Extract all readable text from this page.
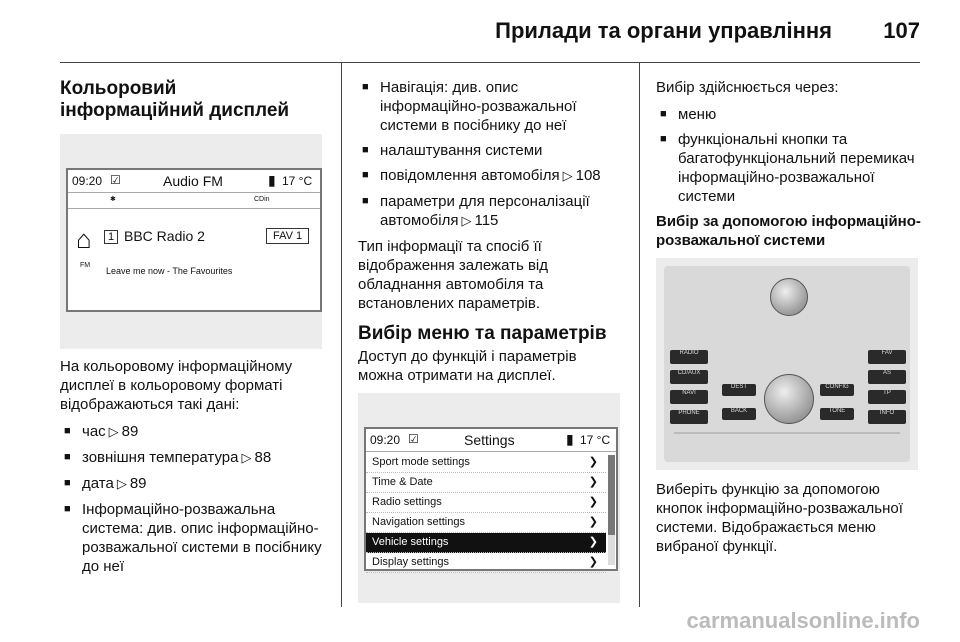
Прилади та органи управління 107
Кольоровий інформаційний дисплей
09:20 ☑	Audio FM	▮ 17 °C
✱	CDin
⌂	1 BBC Radio 2	FAV 1
FM
Leave me now - The Favourites

На кольоровому інформаційному дисплеї в кольоровому форматі відображаються такі дані:

■ час ▷ 89
■ зовнішня температура ▷ 88
■ дата ▷ 89
■ Інформаційно-розважальна система: див. опис інформаційно-розважальної системи в посібнику до неї
■ Навігація: див. опис інформаційно-розважальної системи в посібнику до неї
■ налаштування системи
■ повідомлення автомобіля ▷ 108
■ параметри для персоналізації автомобіля ▷ 115

Тип інформації та спосіб її відображення залежать від обладнання автомобіля та встановлених параметрів.

Вибір меню та параметрів

Доступ до функцій і параметрів можна отримати на дисплеї.

09:20 ☑	Settings	▮ 17 °C
Sport mode settings	❯
Time & Date	❯
Radio settings	❯
Navigation settings	❯
Vehicle settings	❯
Display settings	❯

Вибір здійснюється через:

■ меню
■ функціональні кнопки та багатофункціональний перемикач інформаційно-розважальної системи
Вибір за допомогою інформаційно-розважальної системи
RADIO
CD/AUX
NAVI
PHONE
DEST
BACK
CONFIG
TONE
FAV
AS
TP
INFO

Виберіть функцію за допомогою кнопок інформаційно-розважальної системи. Відображається меню вибраної функції.

carmanualsonline.info
